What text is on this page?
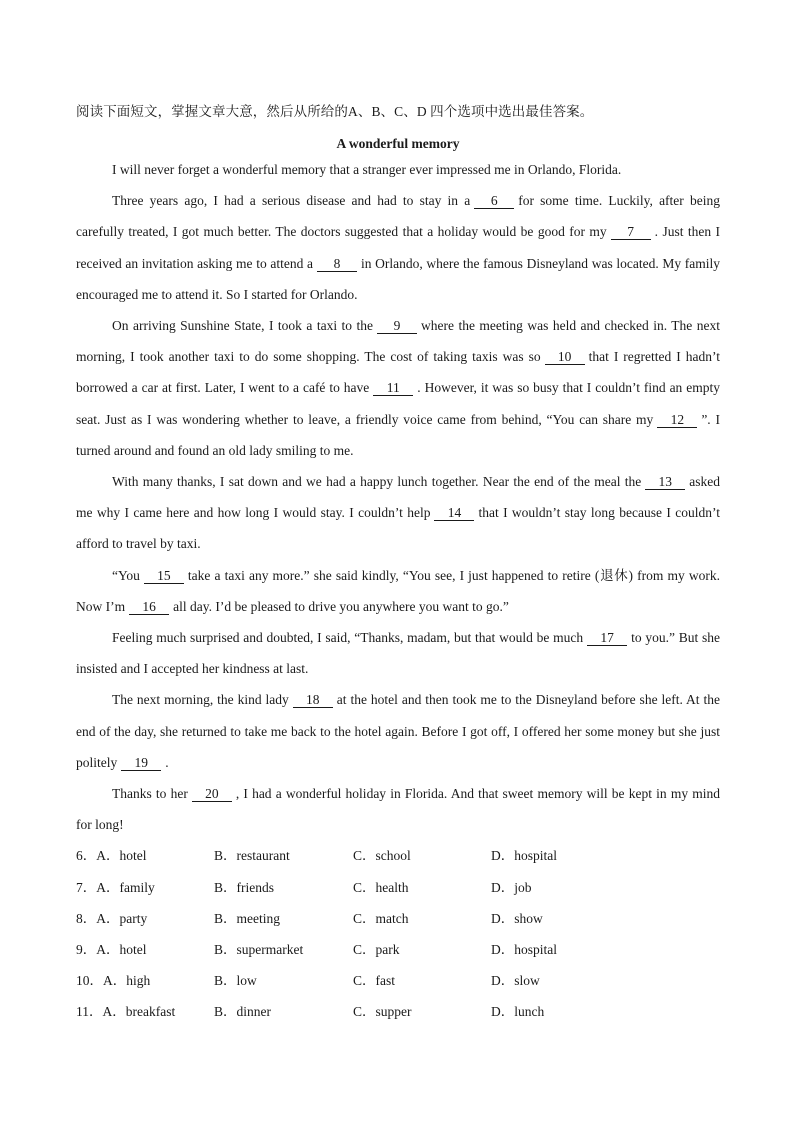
阅读下面短文，掌握文章大意，然后从所给的A、B、C、D 四个选项中选出最佳答案。
A wonderful memory

I will never forget a wonderful memory that a stranger ever impressed me in Orlando, Florida.

Three years ago, I had a serious disease and had to stay in a 6 for some time. Luckily, after being carefully treated, I got much better. The doctors suggested that a holiday would be good for my 7 . Just then I received an invitation asking me to attend a 8 in Orlando, where the famous Disneyland was located. My family encouraged me to attend it. So I started for Orlando.

On arriving Sunshine State, I took a taxi to the 9 where the meeting was held and checked in. The next morning, I took another taxi to do some shopping. The cost of taking taxis was so 10 that I regretted I hadn’t borrowed a car at first. Later, I went to a café to have 11 . However, it was so busy that I couldn’t find an empty seat. Just as I was wondering whether to leave, a friendly voice came from behind, “You can share my 12 ”. I turned around and found an old lady smiling to me.

With many thanks, I sat down and we had a happy lunch together. Near the end of the meal the 13 asked me why I came here and how long I would stay. I couldn’t help 14 that I wouldn’t stay long because I couldn’t afford to travel by taxi.

“You 15 take a taxi any more.” she said kindly, “You see, I just happened to retire (退休) from my work. Now I’m 16 all day. I’d be pleased to drive you anywhere you want to go.”

Feeling much surprised and doubted, I said, “Thanks, madam, but that would be much 17 to you.” But she insisted and I accepted her kindness at last.

The next morning, the kind lady 18 at the hotel and then took me to the Disneyland before she left. At the end of the day, she returned to take me back to the hotel again. Before I got off, I offered her some money but she just politely 19 .

Thanks to her 20 , I had a wonderful holiday in Florida. And that sweet memory will be kept in my mind for long!

6．A．hotel	B．restaurant	C．school	D．hospital
7．A．family	B．friends	C．health	D．job
8．A．party	B．meeting	C．match	D．show
9．A．hotel	B．supermarket	C．park	D．hospital
10．A．high	B．low	C．fast	D．slow
11．A．breakfast	B．dinner	C．supper	D．lunch
